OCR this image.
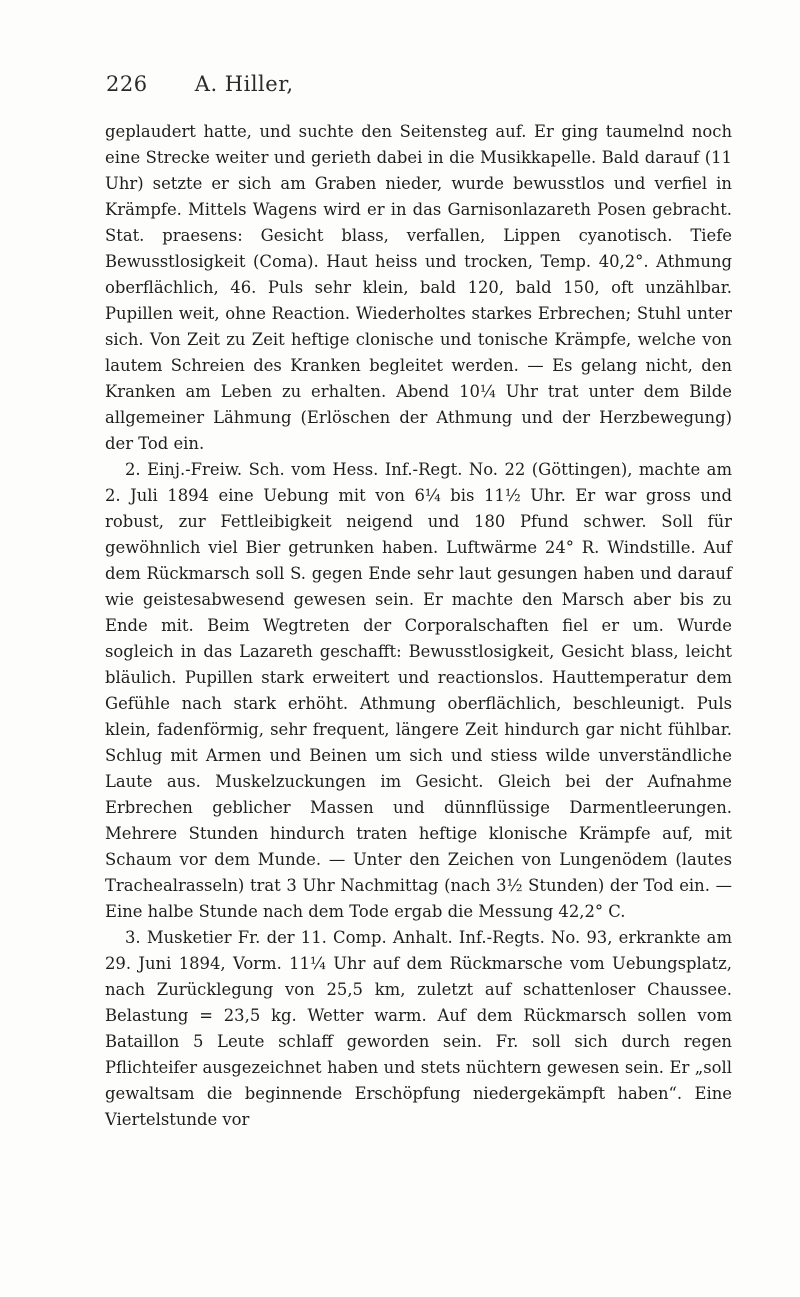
226 A. Hiller,

geplaudert hatte, und suchte den Seitensteg auf. Er ging taumelnd noch eine Strecke weiter und gerieth dabei in die Musikkapelle. Bald darauf (11 Uhr) setzte er sich am Graben nieder, wurde bewusstlos und verfiel in Krämpfe. Mittels Wagens wird er in das Garnisonlazareth Posen gebracht. Stat. praesens: Gesicht blass, verfallen, Lippen cyanotisch. Tiefe Bewusstlosigkeit (Coma). Haut heiss und trocken, Temp. 40,2°. Athmung oberflächlich, 46. Puls sehr klein, bald 120, bald 150, oft unzählbar. Pupillen weit, ohne Reaction. Wiederholtes starkes Erbrechen; Stuhl unter sich. Von Zeit zu Zeit heftige clonische und tonische Krämpfe, welche von lautem Schreien des Kranken begleitet werden. — Es gelang nicht, den Kranken am Leben zu erhalten. Abend 10¼ Uhr trat unter dem Bilde allgemeiner Lähmung (Erlöschen der Athmung und der Herzbewegung) der Tod ein.

2. Einj.-Freiw. Sch. vom Hess. Inf.-Regt. No. 22 (Göttingen), machte am 2. Juli 1894 eine Uebung mit von 6¼ bis 11½ Uhr. Er war gross und robust, zur Fettleibigkeit neigend und 180 Pfund schwer. Soll für gewöhnlich viel Bier getrunken haben. Luftwärme 24° R. Windstille. Auf dem Rückmarsch soll S. gegen Ende sehr laut gesungen haben und darauf wie geistesabwesend gewesen sein. Er machte den Marsch aber bis zu Ende mit. Beim Wegtreten der Corporalschaften fiel er um. Wurde sogleich in das Lazareth geschafft: Bewusstlosigkeit, Gesicht blass, leicht bläulich. Pupillen stark erweitert und reactionslos. Hauttemperatur dem Gefühle nach stark erhöht. Athmung oberflächlich, beschleunigt. Puls klein, fadenförmig, sehr frequent, längere Zeit hindurch gar nicht fühlbar. Schlug mit Armen und Beinen um sich und stiess wilde unverständliche Laute aus. Muskelzuckungen im Gesicht. Gleich bei der Aufnahme Erbrechen geblicher Massen und dünnflüssige Darmentleerungen. Mehrere Stunden hindurch traten heftige klonische Krämpfe auf, mit Schaum vor dem Munde. — Unter den Zeichen von Lungenödem (lautes Trachealrasseln) trat 3 Uhr Nachmittag (nach 3½ Stunden) der Tod ein. — Eine halbe Stunde nach dem Tode ergab die Messung 42,2° C.

3. Musketier Fr. der 11. Comp. Anhalt. Inf.-Regts. No. 93, erkrankte am 29. Juni 1894, Vorm. 11¼ Uhr auf dem Rückmarsche vom Uebungsplatz, nach Zurücklegung von 25,5 km, zuletzt auf schattenloser Chaussee. Belastung = 23,5 kg. Wetter warm. Auf dem Rückmarsch sollen vom Bataillon 5 Leute schlaff geworden sein. Fr. soll sich durch regen Pflichteifer ausgezeichnet haben und stets nüchtern gewesen sein. Er „soll gewaltsam die beginnende Erschöpfung niedergekämpft haben“. Eine Viertelstunde vor
